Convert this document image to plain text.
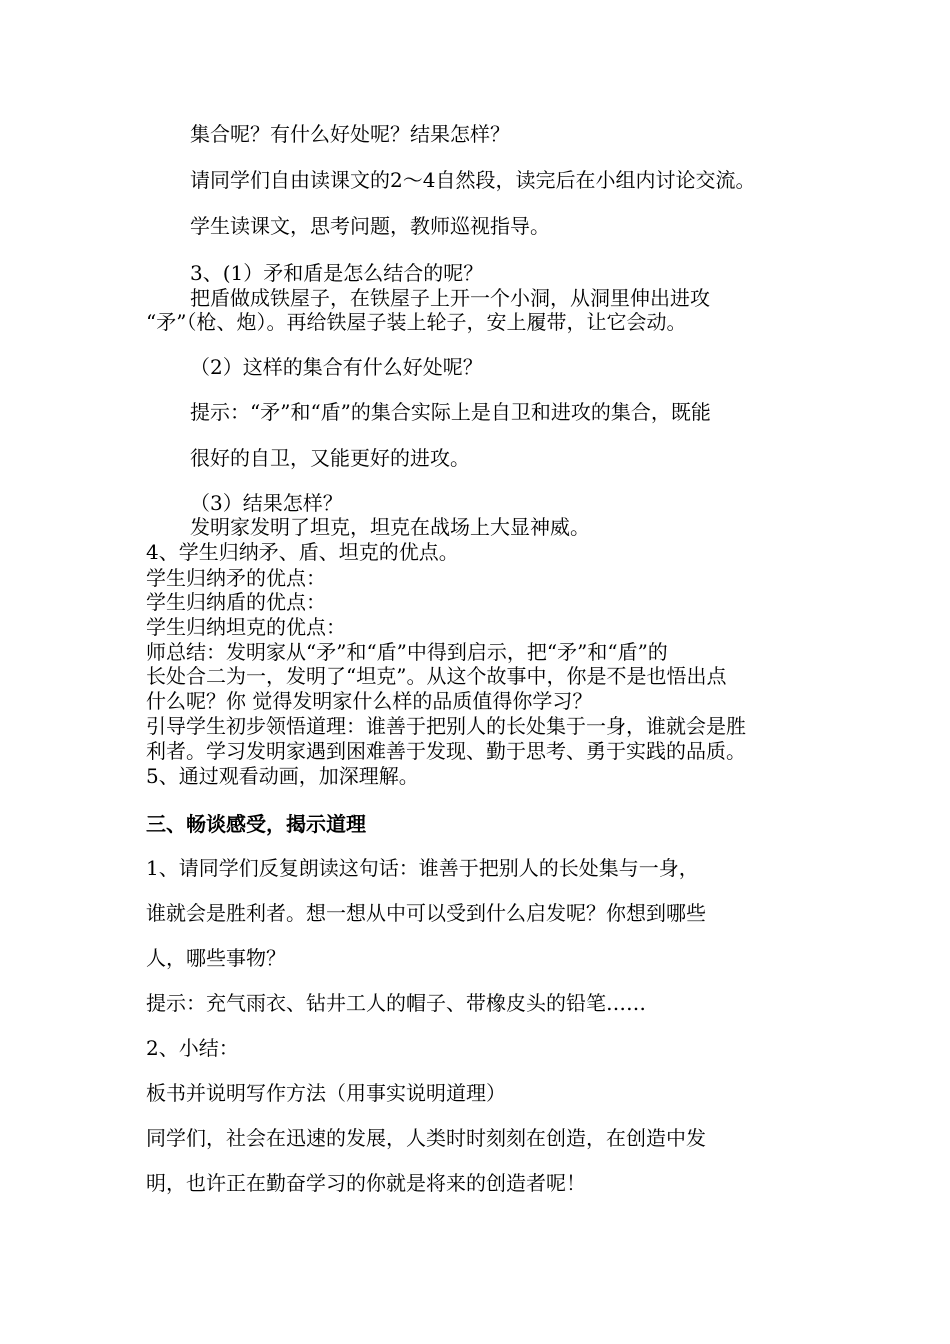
集合呢？有什么好处呢？结果怎样？

请同学们自由读课文的2～4自然段，读完后在小组内讨论交流。

学生读课文，思考问题，教师巡视指导。

3、(1）矛和盾是怎么结合的呢？

把盾做成铁屋子，在铁屋子上开一个小洞，从洞里伸出进攻

“矛”（枪、炮）。再给铁屋子装上轮子，安上履带，让它会动。

（2）这样的集合有什么好处呢？

提示：“矛”和“盾”的集合实际上是自卫和进攻的集合，既能

很好的自卫，又能更好的进攻。

（3）结果怎样？

发明家发明了坦克，坦克在战场上大显神威。

4、学生归纳矛、盾、坦克的优点。

学生归纳矛的优点：

学生归纳盾的优点：

学生归纳坦克的优点：

师总结：发明家从“矛”和“盾”中得到启示，把“矛”和“盾”的

长处合二为一，发明了“坦克”。从这个故事中，你是不是也悟出点

什么呢？你 觉得发明家什么样的品质值得你学习？

引导学生初步领悟道理：谁善于把别人的长处集于一身，谁就会是胜

利者。学习发明家遇到困难善于发现、勤于思考、勇于实践的品质。

5、通过观看动画，加深理解。

三、畅谈感受，揭示道理

1、请同学们反复朗读这句话：谁善于把别人的长处集与一身，

谁就会是胜利者。想一想从中可以受到什么启发呢？你想到哪些

人，哪些事物？

提示：充气雨衣、钻井工人的帽子、带橡皮头的铅笔……

2、小结：

板书并说明写作方法（用事实说明道理）

同学们，社会在迅速的发展，人类时时刻刻在创造，在创造中发

明，也许正在勤奋学习的你就是将来的创造者呢！
